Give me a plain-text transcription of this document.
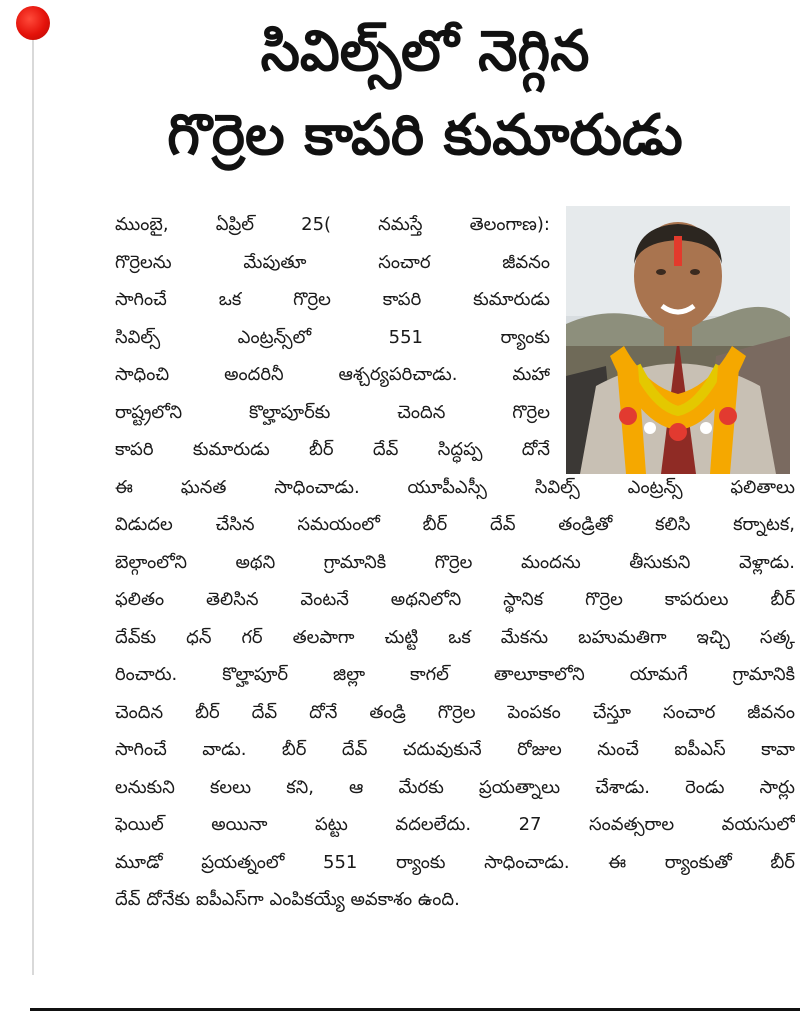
సివిల్స్‌లో నెగ్గిన
గొర్రెల కాపరి కుమారుడు
ముంబై, ఏప్రిల్ 25( నమస్తే తెలంగాణ):
గొర్రెలను మేపుతూ సంచార జీవనం
సాగించే ఒక గొర్రెల కాపరి కుమారుడు
సివిల్స్ ఎంట్రన్స్‌లో 551 ర్యాంకు
సాధించి అందరినీ ఆశ్చర్యపరిచాడు. మహా
రాష్ట్రలోని కొల్హాపూర్‌కు చెందిన గొర్రెల
కాపరి కుమారుడు బీర్ దేవ్ సిద్ధప్ప దోనే
ఈ ఘనత సాధించాడు. యూపీఎస్సీ సివిల్స్ ఎంట్రన్స్ ఫలితాలు
విడుదల చేసిన సమయంలో బీర్ దేవ్ తండ్రితో కలిసి కర్నాటక,
బెల్గాంలోని అథని గ్రామానికి గొర్రెల మందను తీసుకుని వెళ్లాడు.
ఫలితం తెలిసిన వెంటనే అథనిలోని స్థానిక గొర్రెల కాపరులు బీర్
దేవ్‌కు ధన్ గర్ తలపాగా చుట్టి ఒక మేకను బహుమతిగా ఇచ్చి సత్క
రించారు. కొల్హాపూర్ జిల్లా కాగల్ తాలూకాలోని యామగే గ్రామానికి
చెందిన బీర్ దేవ్ దోనే తండ్రి గొర్రెల పెంపకం చేస్తూ సంచార జీవనం
సాగించే వాడు. బీర్ దేవ్ చదువుకునే రోజుల నుంచే ఐపీఎస్ కావా
లనుకుని కలలు కని, ఆ మేరకు ప్రయత్నాలు చేశాడు. రెండు సార్లు
ఫెయిల్ అయినా పట్టు వదలలేదు. 27 సంవత్సరాల వయసులో
మూడో ప్రయత్నంలో 551 ర్యాంకు సాధించాడు. ఈ ర్యాంకుతో బీర్
దేవ్ దోనేకు ఐపీఎస్‌గా ఎంపికయ్యే అవకాశం ఉంది.
